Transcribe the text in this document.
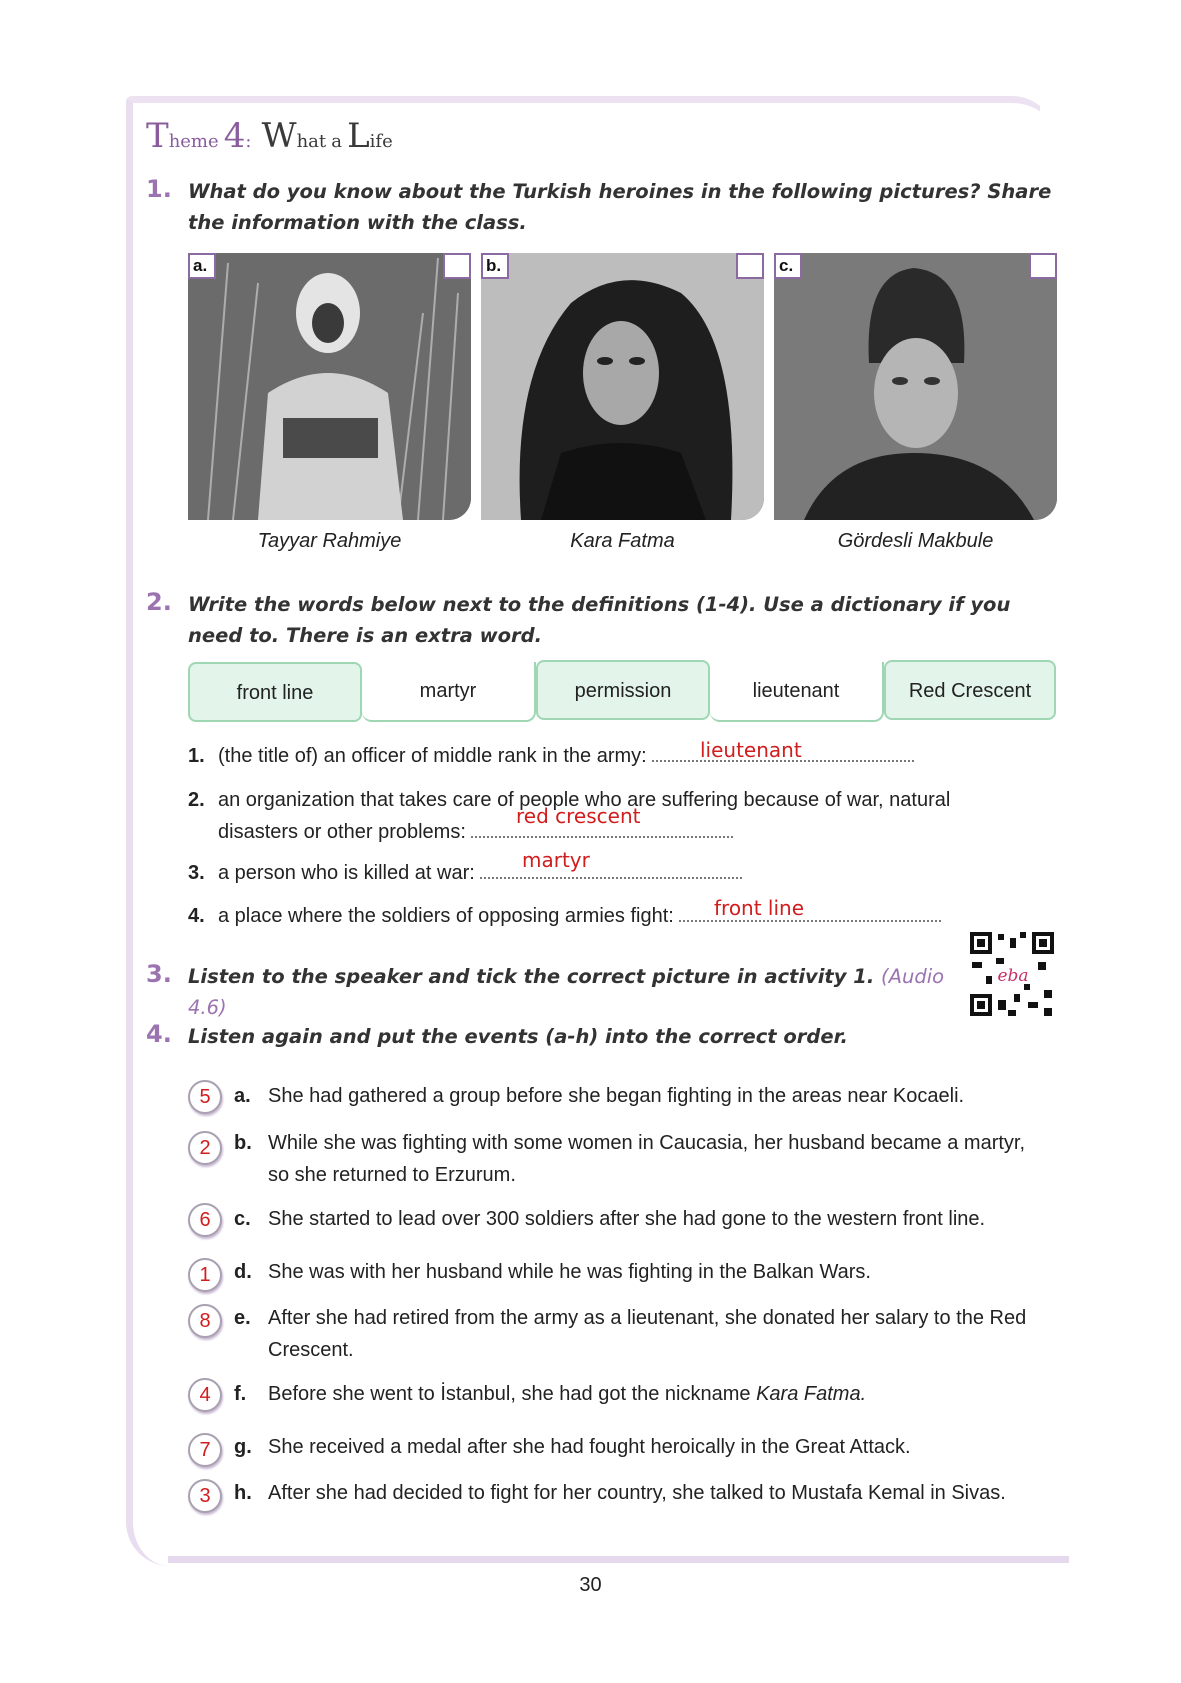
Theme 4: What a Life
1. What do you know about the Turkish heroines in the following pictures? Share the information with the class.
a.	b.	c.
Tayyar Rahmiye	Kara Fatma	Gördesli Makbule
2. Write the words below next to the definitions (1-4). Use a dictionary if you need to. There is an extra word.
front line	martyr	permission	lieutenant	Red Crescent
1. (the title of) an officer of middle rank in the army:	lieutenant
2. an organization that takes care of people who are suffering because of war, natural
disasters or other problems:
red crescent
3. a person who is killed at war:
martyr
4. a place where the soldiers of opposing armies fight:	front line
3. Listen to the speaker and tick the correct picture in activity 1. (Audio 4.6)
eba
4. Listen again and put the events (a-h) into the correct order.
5	a. She had gathered a group before she began fighting in the areas near Kocaeli.
2	b. While she was fighting with some women in Caucasia, her husband became a martyr, so she returned to Erzurum.
6	c. She started to lead over 300 soldiers after she had gone to the western front line.
1	d. She was with her husband while he was fighting in the Balkan Wars.
8	e. After she had retired from the army as a lieutenant, she donated her salary to the Red Crescent.
4	f. Before she went to İstanbul, she had got the nickname Kara Fatma.
7	g. She received a medal after she had fought heroically in the Great Attack.
3	h. After she had decided to fight for her country, she talked to Mustafa Kemal in Sivas.
30
